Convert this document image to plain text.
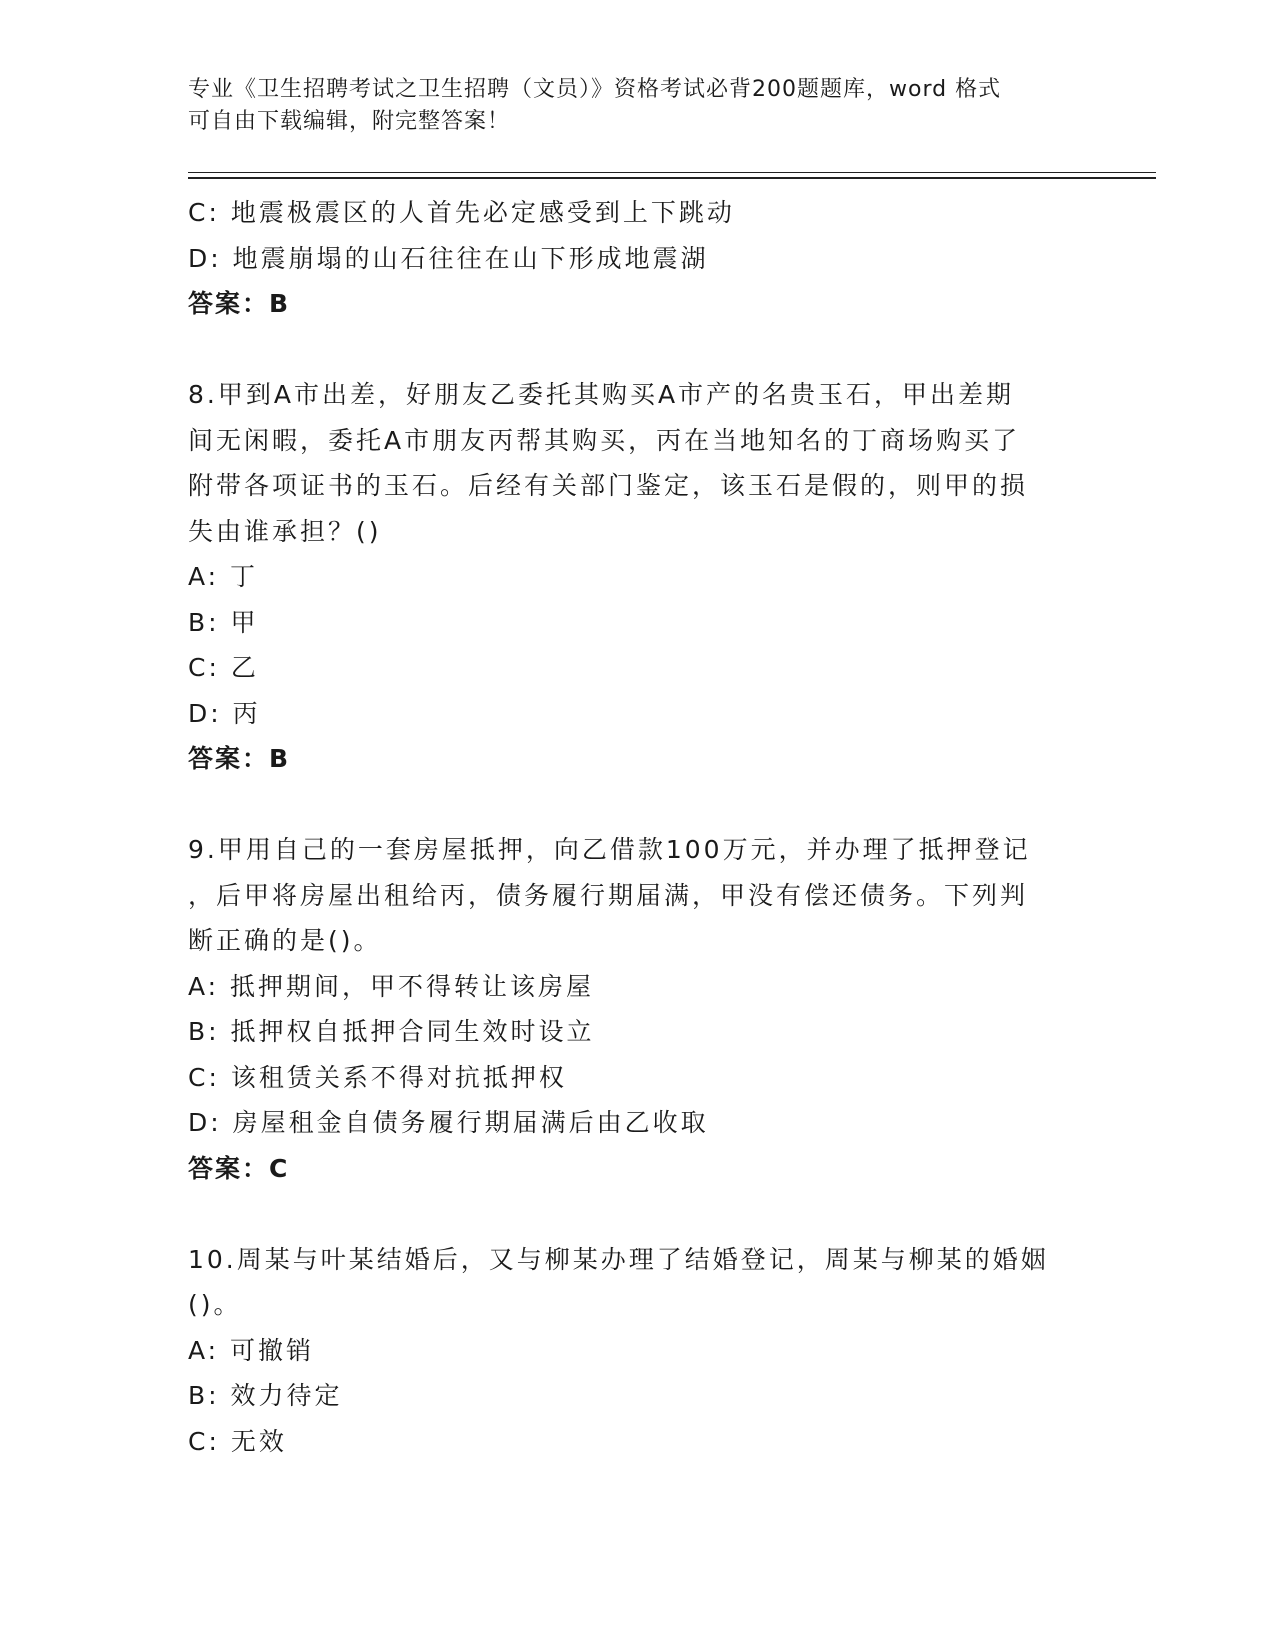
专业《卫生招聘考试之卫生招聘（文员）》资格考试必背200题题库，word 格式
可自由下载编辑，附完整答案！
C: 地震极震区的人首先必定感受到上下跳动
D: 地震崩塌的山石往往在山下形成地震湖
答案：B
8.甲到A市出差，好朋友乙委托其购买A市产的名贵玉石，甲出差期
间无闲暇，委托A市朋友丙帮其购买，丙在当地知名的丁商场购买了
附带各项证书的玉石。后经有关部门鉴定，该玉石是假的，则甲的损
失由谁承担？()
A: 丁
B: 甲
C: 乙
D: 丙
答案：B
9.甲用自己的一套房屋抵押，向乙借款100万元，并办理了抵押登记
，后甲将房屋出租给丙，债务履行期届满，甲没有偿还债务。下列判
断正确的是()。
A: 抵押期间，甲不得转让该房屋
B: 抵押权自抵押合同生效时设立
C: 该租赁关系不得对抗抵押权
D: 房屋租金自债务履行期届满后由乙收取
答案：C
10.周某与叶某结婚后，又与柳某办理了结婚登记，周某与柳某的婚姻
()。
A: 可撤销
B: 效力待定
C: 无效
